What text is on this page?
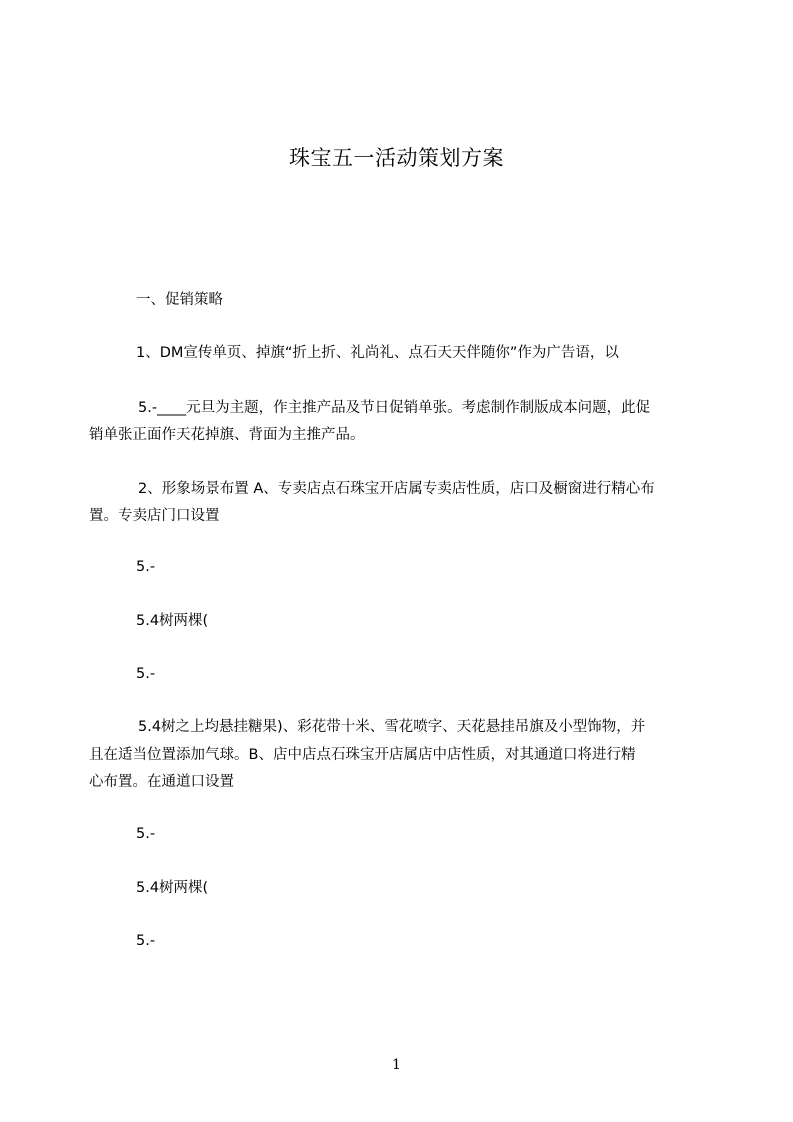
珠宝五一活动策划方案
一、促销策略
1、DM宣传单页、掉旗“折上折、礼尚礼、点石天天伴随你”作为广告语，以
5.-____元旦为主题，作主推产品及节日促销单张。考虑制作制版成本问题，此促
销单张正面作天花掉旗、背面为主推产品。
2、形象场景布置 A、专卖店点石珠宝开店属专卖店性质，店口及橱窗进行精心布
置。专卖店门口设置
5.-
5.4树两棵(
5.-
5.4树之上均悬挂糖果)、彩花带十米、雪花喷字、天花悬挂吊旗及小型饰物，并
且在适当位置添加气球。B、店中店点石珠宝开店属店中店性质，对其通道口将进行精
心布置。在通道口设置
5.-
5.4树两棵(
5.-
1
